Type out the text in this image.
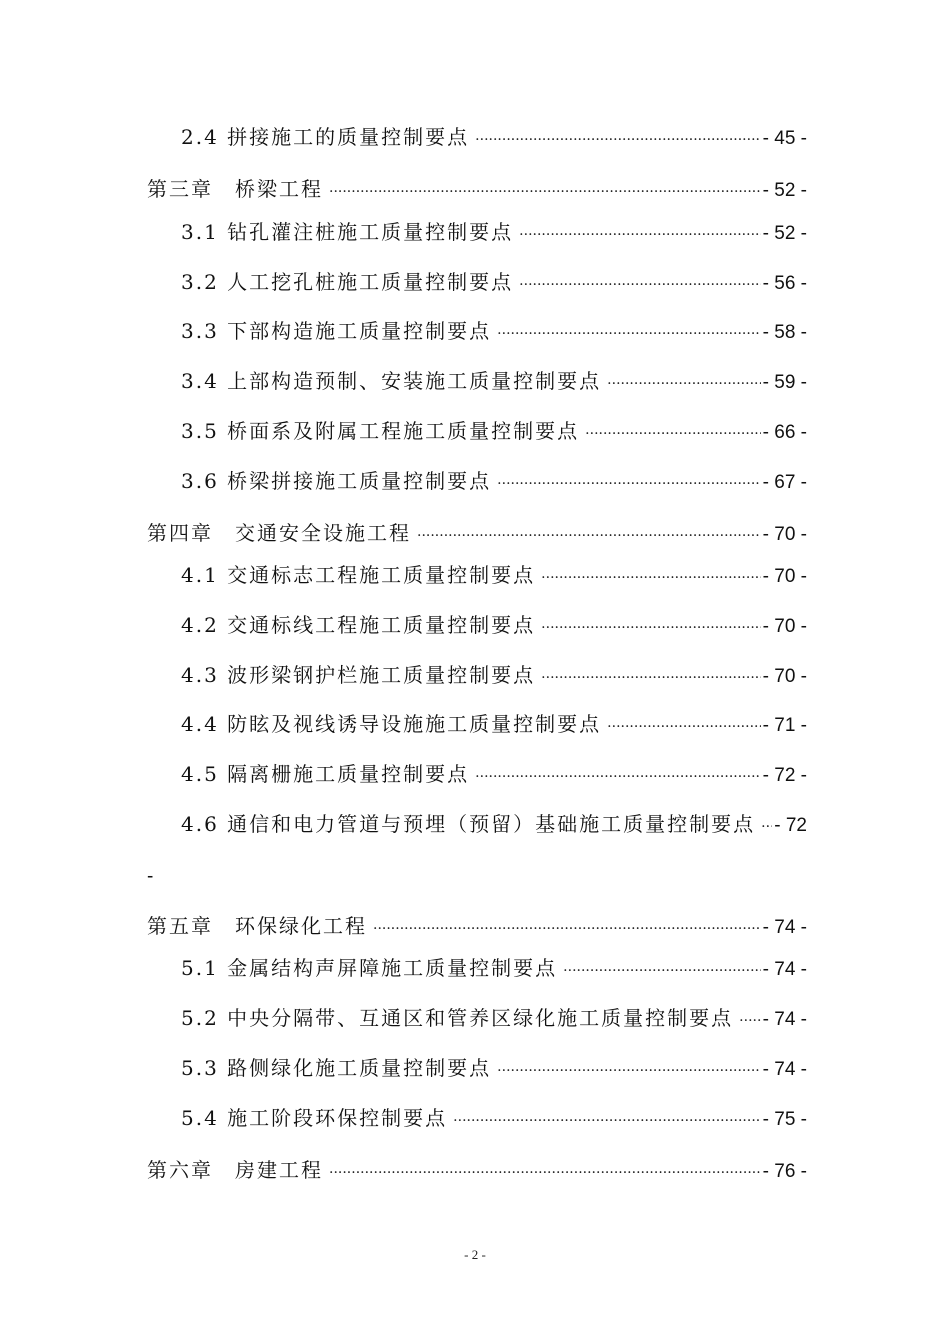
2.4 拼接施工的质量控制要点 ·····	- 45 -
第三章　桥梁工程 ·····	- 52 -
3.1 钻孔灌注桩施工质量控制要点 ·····	- 52 -
3.2 人工挖孔桩施工质量控制要点 ·····	- 56 -
3.3 下部构造施工质量控制要点 ·····	- 58 -
3.4 上部构造预制、安装施工质量控制要点 ·····	- 59 -
3.5 桥面系及附属工程施工质量控制要点 ·····	- 66 -
3.6 桥梁拼接施工质量控制要点 ·····	- 67 -
第四章　交通安全设施工程 ·····	- 70 -
4.1 交通标志工程施工质量控制要点 ·····	- 70 -
4.2 交通标线工程施工质量控制要点 ·····	- 70 -
4.3 波形梁钢护栏施工质量控制要点 ·····	- 70 -
4.4 防眩及视线诱导设施施工质量控制要点 ·····	- 71 -
4.5 隔离栅施工质量控制要点 ·····	- 72 -
4.6 通信和电力管道与预埋（预留）基础施工质量控制要点 ····· - 72
-
第五章　环保绿化工程 ·····	- 74 -
5.1 金属结构声屏障施工质量控制要点 ·····	- 74 -
5.2 中央分隔带、互通区和管养区绿化施工质量控制要点 ····· - 74 -
5.3 路侧绿化施工质量控制要点 ·····	- 74 -
5.4 施工阶段环保控制要点 ·····	- 75 -
第六章　房建工程 ·····	- 76 -
- 2 -
